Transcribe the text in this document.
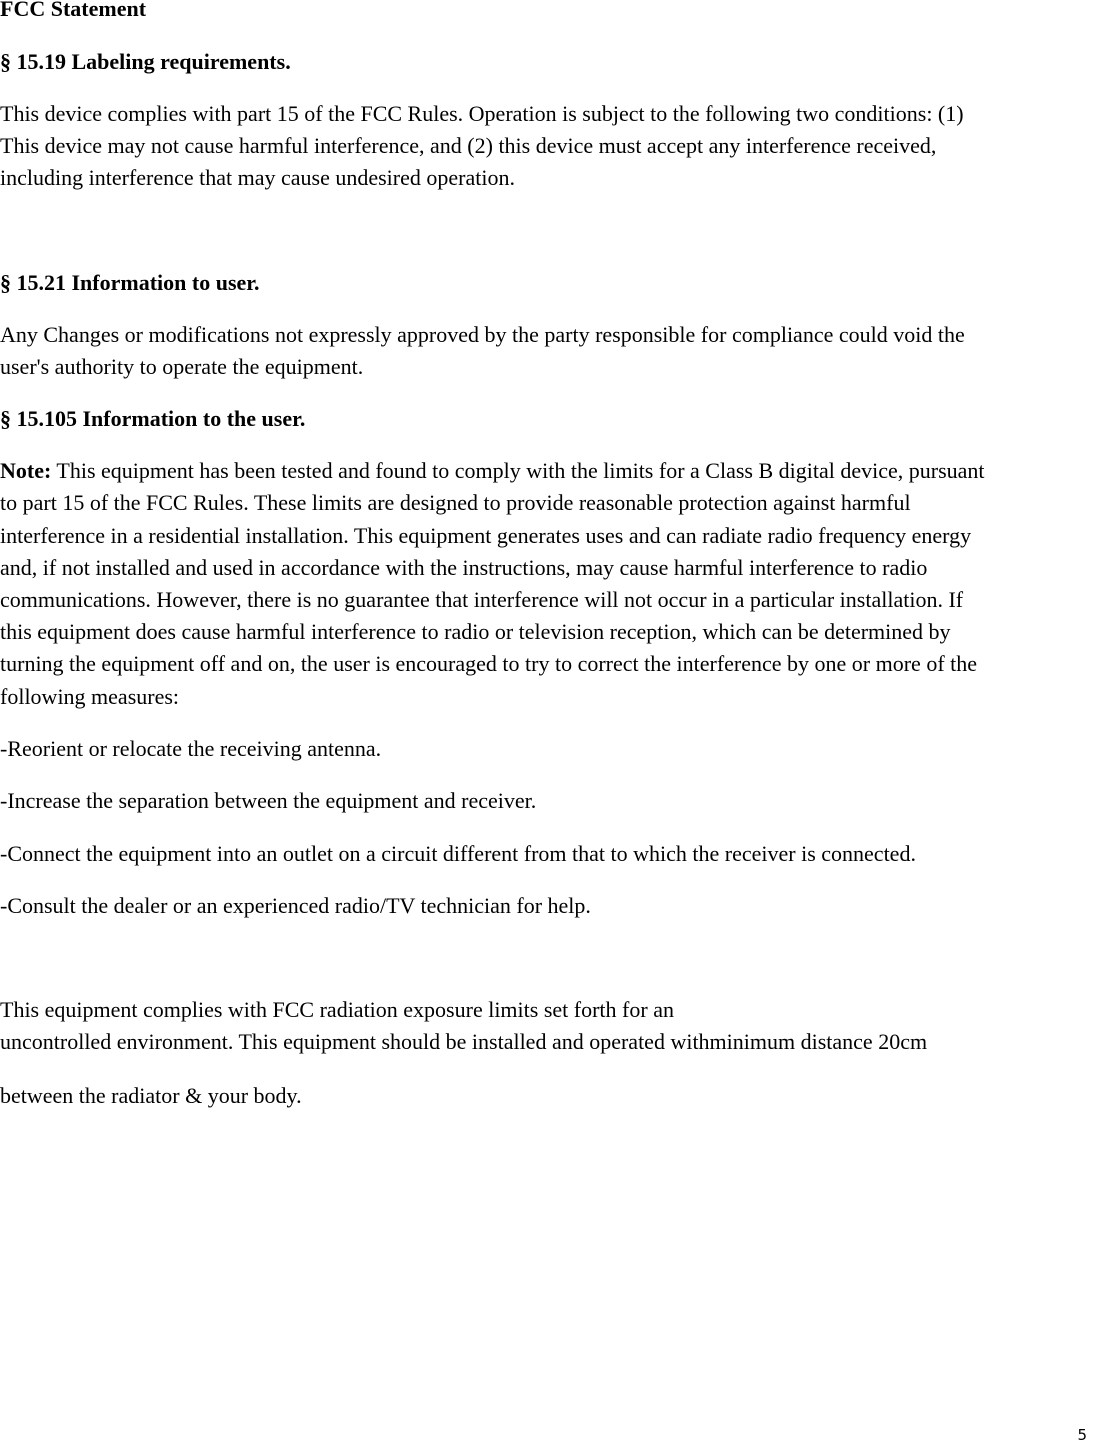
FCC Statement
§ 15.19 Labeling requirements.
This device complies with part 15 of the FCC Rules. Operation is subject to the following two conditions: (1)
This device may not cause harmful interference, and (2) this device must accept any interference received,
including interference that may cause undesired operation.
§ 15.21 Information to user.
Any Changes or modifications not expressly approved by the party responsible for compliance could void the
user's authority to operate the equipment.
§ 15.105 Information to the user.
Note: This equipment has been tested and found to comply with the limits for a Class B digital device, pursuant
to part 15 of the FCC Rules. These limits are designed to provide reasonable protection against harmful
interference in a residential installation. This equipment generates uses and can radiate radio frequency energy
and, if not installed and used in accordance with the instructions, may cause harmful interference to radio
communications. However, there is no guarantee that interference will not occur in a particular installation. If
this equipment does cause harmful interference to radio or television reception, which can be determined by
turning the equipment off and on, the user is encouraged to try to correct the interference by one or more of the
following measures:
-Reorient or relocate the receiving antenna.
-Increase the separation between the equipment and receiver.
-Connect the equipment into an outlet on a circuit different from that to which the receiver is connected.
-Consult the dealer or an experienced radio/TV technician for help.
This equipment complies with FCC radiation exposure limits set forth for an
uncontrolled environment. This equipment should be installed and operated withminimum distance 20cm
between the radiator & your body.
5
